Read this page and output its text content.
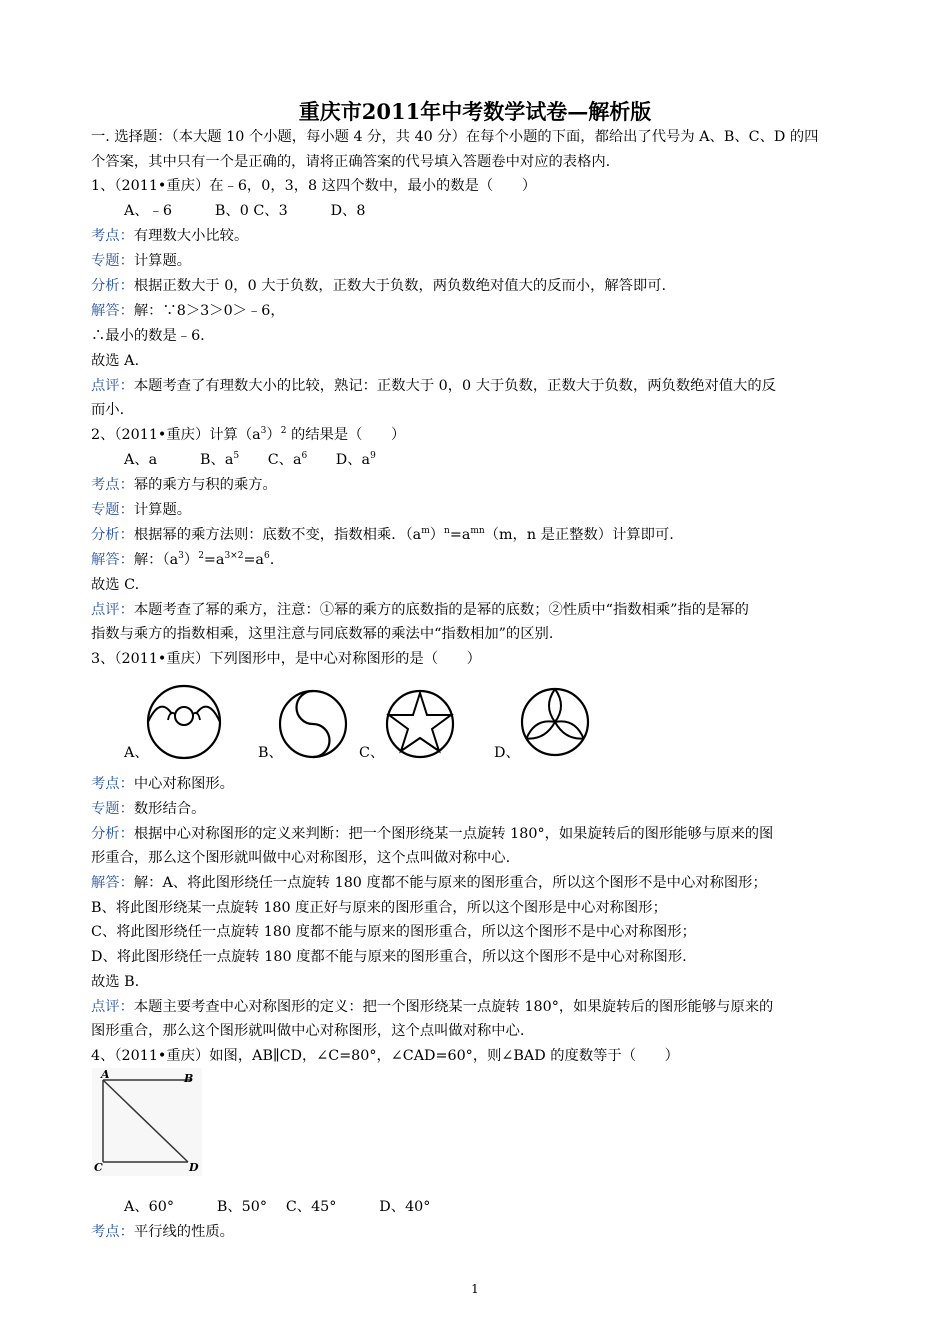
重庆市2011年中考数学试卷—解析版
一. 选择题：（本大题 10 个小题，每小题 4 分，共 40 分）在每个小题的下面，都给出了代号为 A、B、C、D 的四
个答案，其中只有一个是正确的，请将正确答案的代号填入答题卷中对应的表格内.
1、（2011•重庆）在﹣6，0，3，8 这四个数中，最小的数是（　　）
A、﹣6　　　B、0 C、3　　　D、8
考点：有理数大小比较。
专题：计算题。
分析：根据正数大于 0，0 大于负数，正数大于负数，两负数绝对值大的反而小，解答即可.
解答：解：∵8＞3＞0＞﹣6，
∴最小的数是﹣6.
故选 A.
点评：本题考查了有理数大小的比较，熟记：正数大于 0，0 大于负数，正数大于负数，两负数绝对值大的反
而小.
2、（2011•重庆）计算$(a^3)^2$ 的结果是（　　）
A、a　　　B、$a^5$　　C、$a^6$　　D、$a^9$
考点：幂的乘方与积的乘方。
专题：计算题。
分析：根据幂的乘方法则：底数不变，指数相乘．$(a^m)^n=a^{mn}(m$，n 是正整数）计算即可.
解答：解：$(a^3)^2=a^{3\times 2}=a^6$.
故选 C.
点评：本题考查了幂的乘方，注意：①幂的乘方的底数指的是幂的底数；②性质中“指数相乘”指的是幂的
指数与乘方的指数相乘，这里注意与同底数幂的乘法中“指数相加”的区别.
3、（2011•重庆）下列图形中，是中心对称图形的是（　　）
A、	B、	C、	D、
考点：中心对称图形。
专题：数形结合。
分析：根据中心对称图形的定义来判断：把一个图形绕某一点旋转 180°，如果旋转后的图形能够与原来的图
形重合，那么这个图形就叫做中心对称图形，这个点叫做对称中心.
解答：解：A、将此图形绕任一点旋转 180 度都不能与原来的图形重合，所以这个图形不是中心对称图形；
B、将此图形绕某一点旋转 180 度正好与原来的图形重合，所以这个图形是中心对称图形；
C、将此图形绕任一点旋转 180 度都不能与原来的图形重合，所以这个图形不是中心对称图形；
D、将此图形绕任一点旋转 180 度都不能与原来的图形重合，所以这个图形不是中心对称图形.
故选 B.
点评：本题主要考查中心对称图形的定义：把一个图形绕某一点旋转 180°，如果旋转后的图形能够与原来的
图形重合，那么这个图形就叫做中心对称图形，这个点叫做对称中心.
4、（2011•重庆）如图，AB∥CD，∠C=80°，∠CAD=60°，则∠BAD 的度数等于（　　）
A	B
C	D
A、60°　　　B、50°　 C、45°　　　D、40°
考点：平行线的性质。
1
